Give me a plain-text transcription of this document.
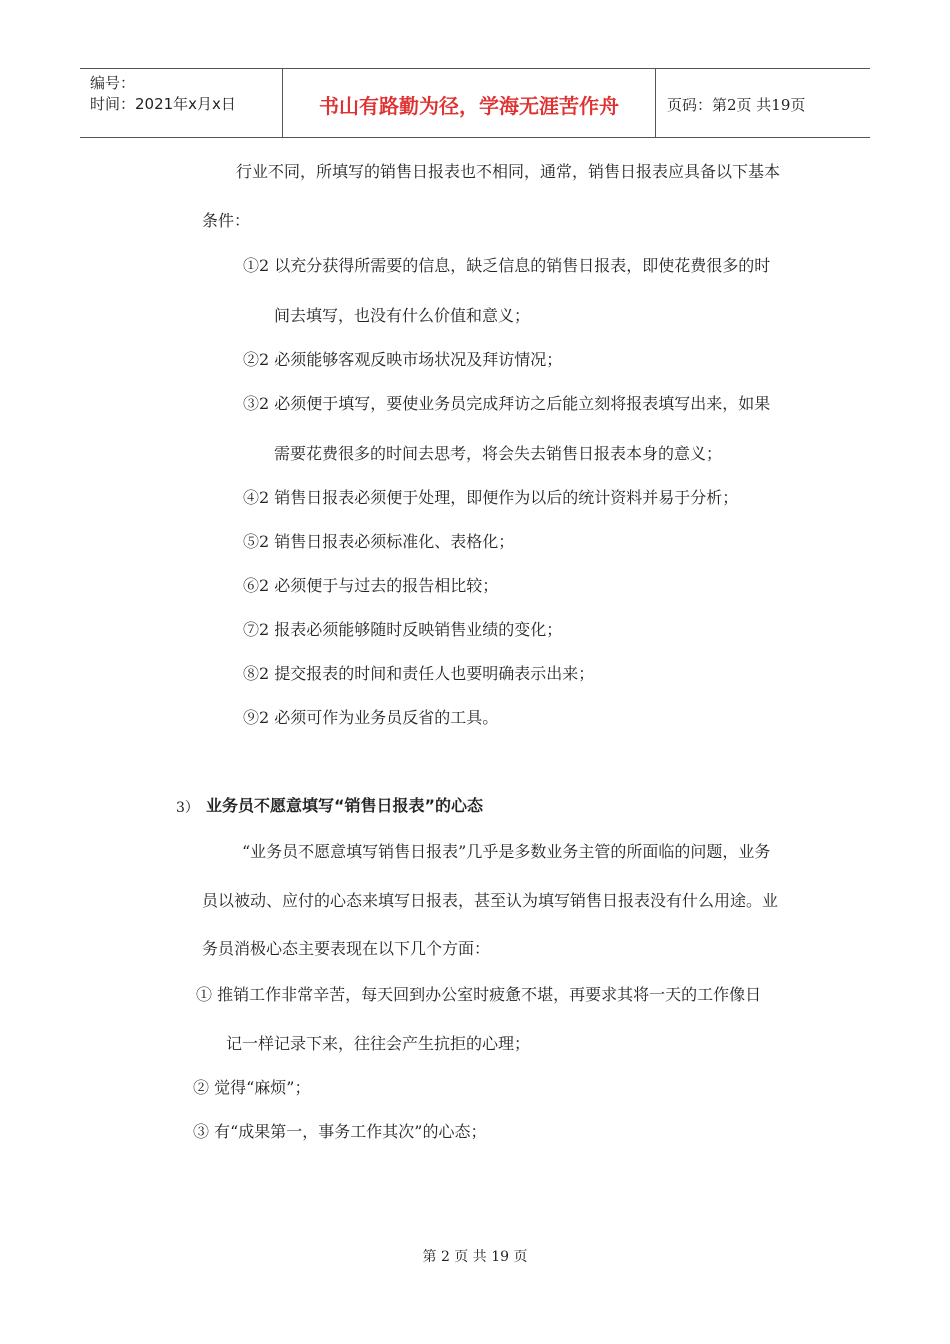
编号：
时间：2021年x月x日	书山有路勤为径，学海无涯苦作舟	页码：第2页 共19页
行业不同，所填写的销售日报表也不相同，通常，销售日报表应具备以下基本
条件：
①2 以充分获得所需要的信息，缺乏信息的销售日报表，即使花费很多的时
间去填写，也没有什么价值和意义；
②2 必须能够客观反映市场状况及拜访情况；
③2 必须便于填写，要使业务员完成拜访之后能立刻将报表填写出来，如果
需要花费很多的时间去思考，将会失去销售日报表本身的意义；
④2 销售日报表必须便于处理，即便作为以后的统计资料并易于分析；
⑤2 销售日报表必须标准化、表格化；
⑥2 必须便于与过去的报告相比较；
⑦2 报表必须能够随时反映销售业绩的变化；
⑧2 提交报表的时间和责任人也要明确表示出来；
⑨2 必须可作为业务员反省的工具。
3） 业务员不愿意填写“销售日报表”的心态
“业务员不愿意填写销售日报表”几乎是多数业务主管的所面临的问题，业务
员以被动、应付的心态来填写日报表，甚至认为填写销售日报表没有什么用途。业
务员消极心态主要表现在以下几个方面：
① 推销工作非常辛苦，每天回到办公室时疲惫不堪，再要求其将一天的工作像日
记一样记录下来，往往会产生抗拒的心理；
② 觉得“麻烦”；
③ 有“成果第一，事务工作其次”的心态；
第 2 页 共 19 页
